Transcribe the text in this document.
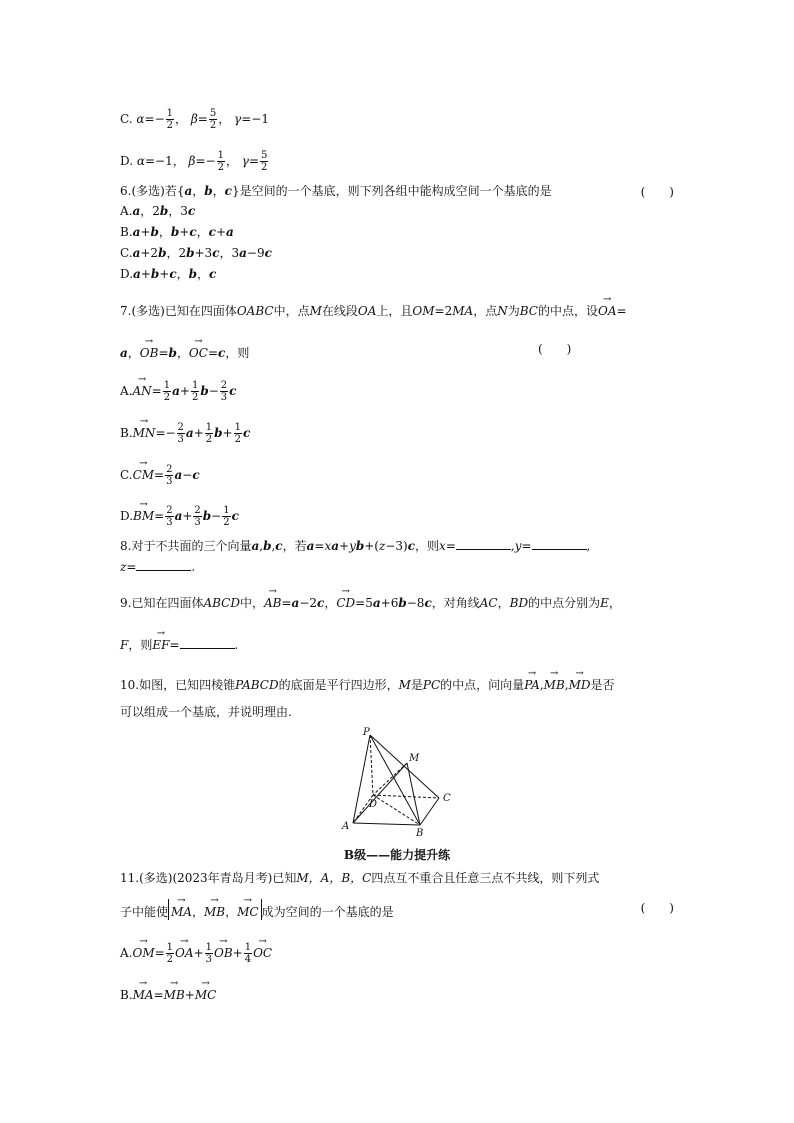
C. $\alpha=- \frac{1}{2}$ ， $\beta= \frac{5}{2}$ ， γ=−1
D. α=−1， $\beta=- \frac{1}{2}$ ， $\gamma= \frac{5}{2}$
6.(多选)若{a，b，c}是空间的一个基底，则下列各组中能构成空间一个基底的是	(　　)
A.a，2b，3c
B.a+b，b+c，c+a
C.a+2b，2b+3c，3a−9c
D.a+b+c，b，c
7.(多选)已知在四面体OABC中，点M在线段OA上，且OM=2MA，点N为BC的中点，设→ OA=
a，→ OB=b，→ OC=c，则	(　　)
$A.\to AN= \frac{1}{2} a+ \frac{1}{2} b- \frac{2}{3}$ c
$B.\to MN=- \frac{2}{3} a+ \frac{1}{2} b+ \frac{1}{2}$ c
$C.\to CM= \frac{2}{3} a-c$
$D.\to BM= \frac{2}{3} a+ \frac{2}{3} b- \frac{1}{2}$ c
8.对于不共面的三个向量a,b,c，若a=xa+yb+(z−3)c，则x=	,y=	,
z=	.
9.已知在四面体ABCD中，→ AB=a−2c，→ CD=5a+6b−8c，对角线AC，BD的中点分别为E，
F，则→ EF=	.
10.如图，已知四棱锥PABCD的底面是平行四边形，M是PC的中点，问向量→ PA,→ MB,→ MD是否
可以组成一个基底，并说明理由.
P
M
C
D
A
B
B级——能力提升练
11.(多选)(2023年青岛月考)已知M，A，B，C四点互不重合且任意三点不共线，则下列式
子中能使→ MA，→ MB，→ MC 成为空间的一个基底的是	(　　)
$A.\to OM= \frac{1}{2}$
→ $OA+ \frac{1}{3}$
→ $OB+ \frac{1}{4}$
→ OC
B.→ MA=→ MB+→ MC
